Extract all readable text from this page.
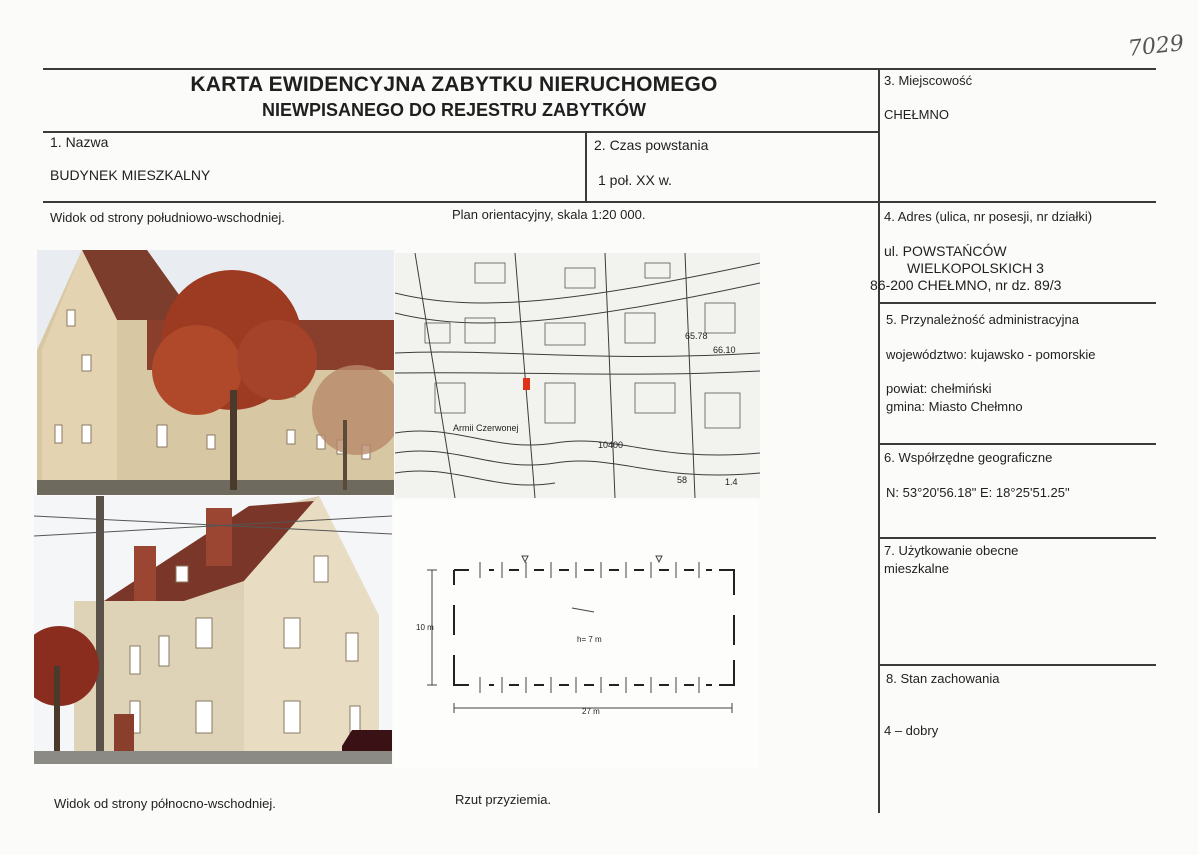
7029
KARTA EWIDENCYJNA ZABYTKU NIERUCHOMEGO
NIEWPISANEGO DO REJESTRU ZABYTKÓW
1. Nazwa
BUDYNEK MIESZKALNY
2. Czas powstania
1 poł. XX w.
3. Miejscowość
CHEŁMNO
4. Adres (ulica, nr posesji, nr działki)
ul. POWSTAŃCÓW
WIELKOPOLSKICH 3
86-200 CHEŁMNO, nr dz. 89/3
5. Przynależność administracyjna
województwo: kujawsko - pomorskie
powiat: chełmiński
gmina: Miasto Chełmno
6. Współrzędne geograficzne
N: 53°20'56.18" E: 18°25'51.25"
7. Użytkowanie obecne
mieszkalne
8. Stan zachowania
4 – dobry
Widok od strony południowo-wschodniej.	Plan orientacyjny, skala 1:20 000.
Widok od strony północno-wschodniej.	Rzut przyziemia.
Armii Czerwonej
10400
65.78
66.10
1.4
58
10 m
h= 7 m
27 m
